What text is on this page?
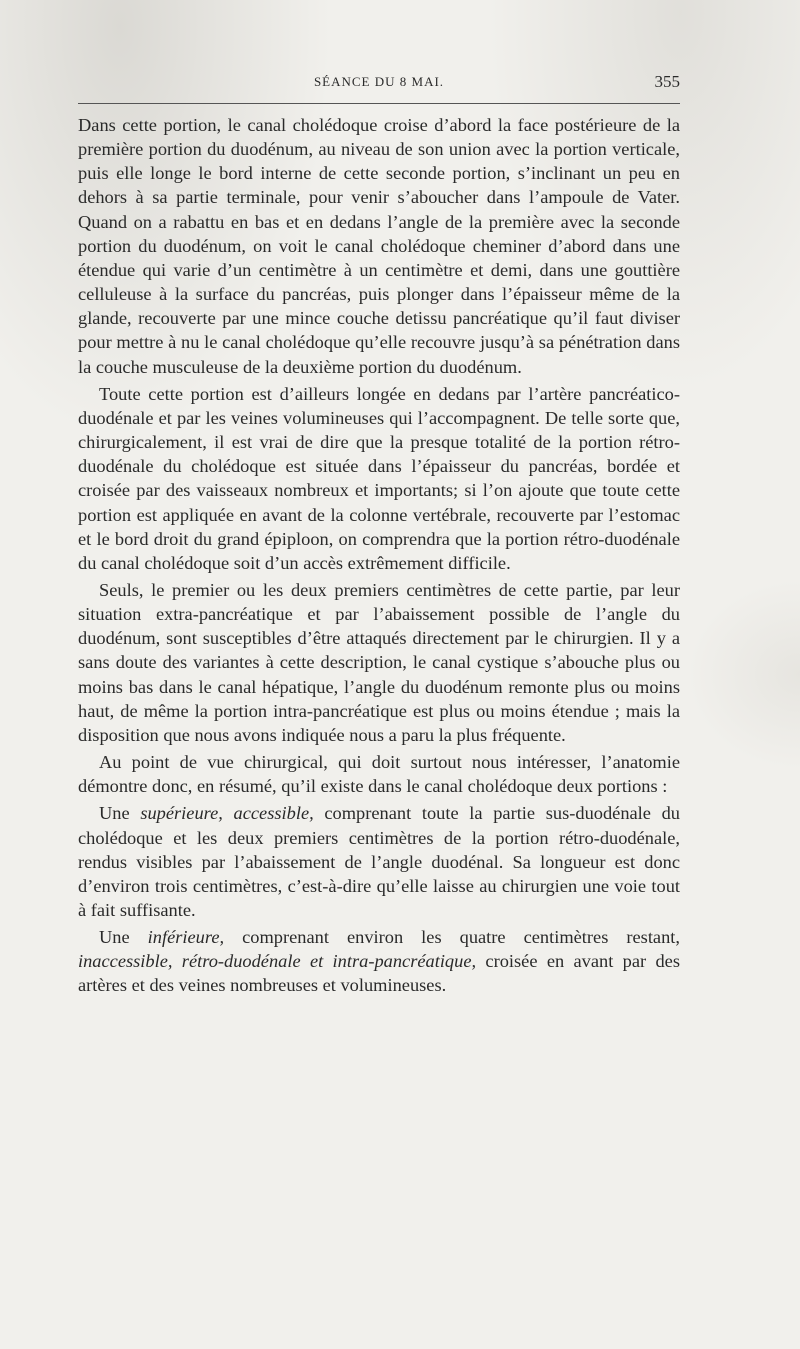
SÉANCE DU 8 MAI.	355

Dans cette portion, le canal cholédoque croise d’abord la face postérieure de la première portion du duodénum, au niveau de son union avec la portion verticale, puis elle longe le bord interne de cette seconde portion, s’inclinant un peu en dehors à sa partie terminale, pour venir s’aboucher dans l’ampoule de Vater. Quand on a rabattu en bas et en dedans l’angle de la première avec la seconde portion du duodénum, on voit le canal cholédoque cheminer d’abord dans une étendue qui varie d’un centimètre à un centimètre et demi, dans une gouttière celluleuse à la surface du pancréas, puis plonger dans l’épaisseur même de la glande, recouverte par une mince couche detissu pancréatique qu’il faut diviser pour mettre à nu le canal cholédoque qu’elle recouvre jusqu’à sa pénétration dans la couche musculeuse de la deuxième portion du duodénum.

Toute cette portion est d’ailleurs longée en dedans par l’artère pancréatico-duodénale et par les veines volumineuses qui l’accompagnent. De telle sorte que, chirurgicalement, il est vrai de dire que la presque totalité de la portion rétro-duodénale du cholédoque est située dans l’épaisseur du pancréas, bordée et croisée par des vaisseaux nombreux et importants; si l’on ajoute que toute cette portion est appliquée en avant de la colonne vertébrale, recouverte par l’estomac et le bord droit du grand épiploon, on comprendra que la portion rétro-duodénale du canal cholédoque soit d’un accès extrêmement difficile.

Seuls, le premier ou les deux premiers centimètres de cette partie, par leur situation extra-pancréatique et par l’abaissement possible de l’angle du duodénum, sont susceptibles d’être attaqués directement par le chirurgien. Il y a sans doute des variantes à cette description, le canal cystique s’abouche plus ou moins bas dans le canal hépatique, l’angle du duodénum remonte plus ou moins haut, de même la portion intra-pancréatique est plus ou moins étendue ; mais la disposition que nous avons indiquée nous a paru la plus fréquente.

Au point de vue chirurgical, qui doit surtout nous intéresser, l’anatomie démontre donc, en résumé, qu’il existe dans le canal cholédoque deux portions :

Une supérieure, accessible, comprenant toute la partie sus-duodénale du cholédoque et les deux premiers centimètres de la portion rétro-duodénale, rendus visibles par l’abaissement de l’angle duodénal. Sa longueur est donc d’environ trois centimètres, c’est-à-dire qu’elle laisse au chirurgien une voie tout à fait suffisante.

Une inférieure, comprenant environ les quatre centimètres restant, inaccessible, rétro-duodénale et intra-pancréatique, croisée en avant par des artères et des veines nombreuses et volumineuses.
